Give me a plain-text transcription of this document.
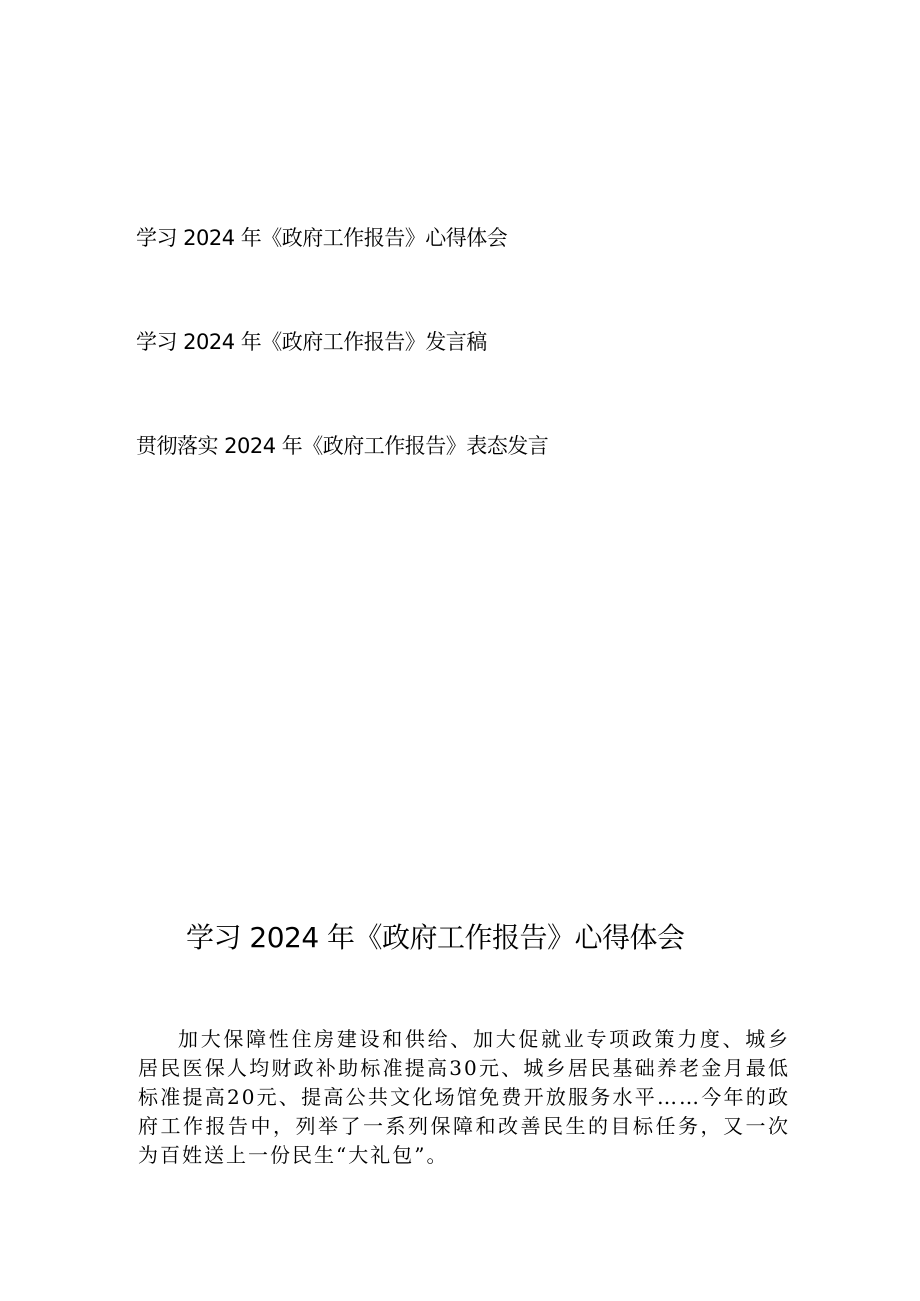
学习 2024 年《政府工作报告》心得体会
学习 2024 年《政府工作报告》发言稿
贯彻落实 2024 年《政府工作报告》表态发言
学习 2024 年《政府工作报告》心得体会

加大保障性住房建设和供给、加大促就业专项政策力度、城乡居民医保人均财政补助标准提高30元、城乡居民基础养老金月最低标准提高20元、提高公共文化场馆免费开放服务水平……今年的政府工作报告中，列举了一系列保障和改善民生的目标任务，又一次为百姓送上一份民生“大礼包”。
